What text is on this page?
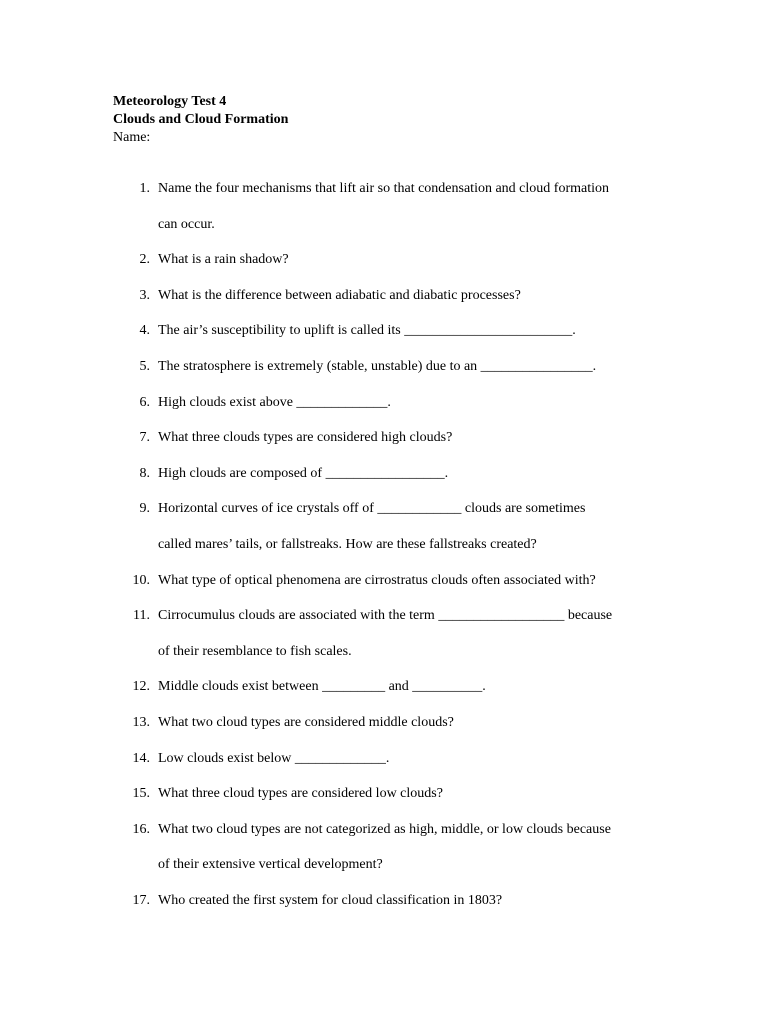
Meteorology Test 4
Clouds and Cloud Formation
Name:
1. Name the four mechanisms that lift air so that condensation and cloud formation
can occur.
2. What is a rain shadow?
3. What is the difference between adiabatic and diabatic processes?
4. The air’s susceptibility to uplift is called its ________________________.
5. The stratosphere is extremely (stable, unstable) due to an ________________.
6. High clouds exist above _____________.
7. What three clouds types are considered high clouds?
8. High clouds are composed of _________________.
9. Horizontal curves of ice crystals off of ____________ clouds are sometimes
called mares’ tails, or fallstreaks. How are these fallstreaks created?
10. What type of optical phenomena are cirrostratus clouds often associated with?
11. Cirrocumulus clouds are associated with the term __________________ because
of their resemblance to fish scales.
12. Middle clouds exist between _________ and __________.
13. What two cloud types are considered middle clouds?
14. Low clouds exist below _____________.
15. What three cloud types are considered low clouds?
16. What two cloud types are not categorized as high, middle, or low clouds because
of their extensive vertical development?
17. Who created the first system for cloud classification in 1803?
